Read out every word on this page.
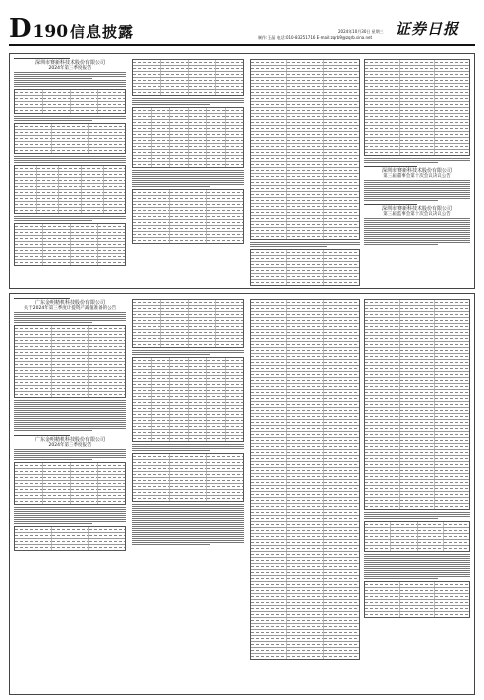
D 190 信息披露	2024年10月30日 星期三
制作:王晶 电话:010-83251716 E-mail:zqrb9@zqrb.sina.net	证券日报
深圳市赛新科技术股份有限公司
2024年第三季度报告
深圳市赛新科技术股份有限公司
第三届董事会第十次会议决议公告
深圳市赛新科技术股份有限公司
第三届监事会第十次会议决议公告
广东金明精机科技股份有限公司
关于2024年第三季度计提资产减值准备的公告
广东金明精机科技股份有限公司
2024年第三季度报告
